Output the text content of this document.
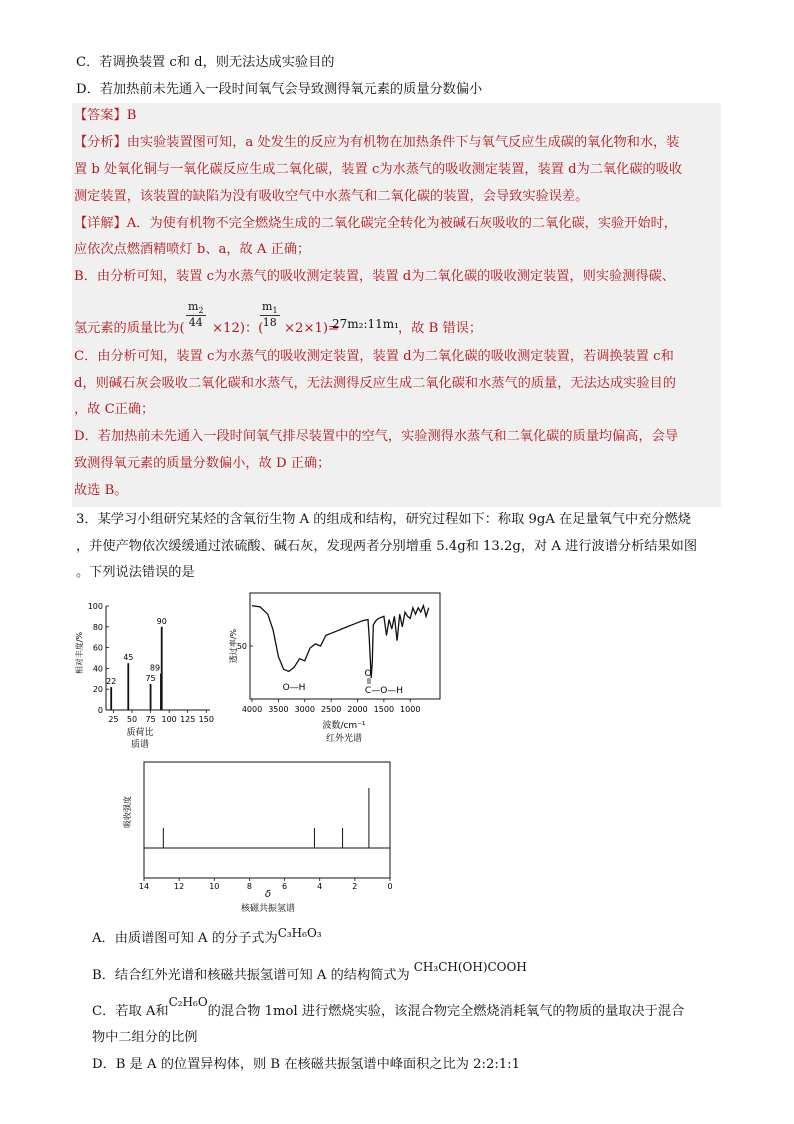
C．若调换装置 c和 d，则无法达成实验目的
D．若加热前未先通入一段时间氧气会导致测得氧元素的质量分数偏小
【答案】B
【分析】由实验装置图可知，a 处发生的反应为有机物在加热条件下与氧气反应生成碳的氧化物和水，装
置 b 处氧化铜与一氧化碳反应生成二氧化碳，装置 c为水蒸气的吸收测定装置，装置 d为二氧化碳的吸收
测定装置，该装置的缺陷为没有吸收空气中水蒸气和二氧化碳的装置，会导致实验误差。
【详解】A．为使有机物不完全燃烧生成的二氧化碳完全转化为被碱石灰吸收的二氧化碳，实验开始时，
应依次点燃酒精喷灯 b、a，故 A 正确；
B．由分析可知，装置 c为水蒸气的吸收测定装置，装置 d为二氧化碳的吸收测定装置，则实验测得碳、
氢元素的质量比为( $\frac{m_2}{44} \times 12$)：(
$\frac{m_1}{18} \times 2\times 1)=$
27m₂:11m₁ ，故 B 错误；
C．由分析可知，装置 c为水蒸气的吸收测定装置，装置 d为二氧化碳的吸收测定装置，若调换装置 c和
d，则碱石灰会吸收二氧化碳和水蒸气，无法测得反应生成二氧化碳和水蒸气的质量，无法达成实验目的
，故 C正确；
D．若加热前未先通入一段时间氧气排尽装置中的空气，实验测得水蒸气和二氧化碳的质量均偏高，会导
致测得氧元素的质量分数偏小，故 D 正确；
故选 B。
3．某学习小组研究某烃的含氧衍生物 A 的组成和结构，研究过程如下：称取 9gA 在足量氧气中充分燃烧
，并使产物依次缓缓通过浓硫酸、碱石灰，发现两者分别增重 5.4g和 13.2g，对 A 进行波谱分析结果如图
。下列说法错误的是
0
20
40
60
80
100
25 50 75 100 125 150
22
45
75
89
90
质荷比
质谱
相对丰度/%
4000 3500 3000 2500 2000 1500 1000
50
O—H
O
C—O—H
透过率/%
波数/cm⁻¹
红外光谱
14	12	10	8	6	4	2	0
吸收强度
δ
核磁共振氢谱
A．由质谱图可知 A 的分子式为C₃H₆O₃
B．结合红外光谱和核磁共振氢谱可知 A 的结构简式为CH₃CH(OH)COOH
C．若取 A和C₂H₆O的混合物 1mol 进行燃烧实验，该混合物完全燃烧消耗氧气的物质的量取决于混合
物中二组分的比例
D．B 是 A 的位置异构体，则 B 在核磁共振氢谱中峰面积之比为 2:2:1:1
